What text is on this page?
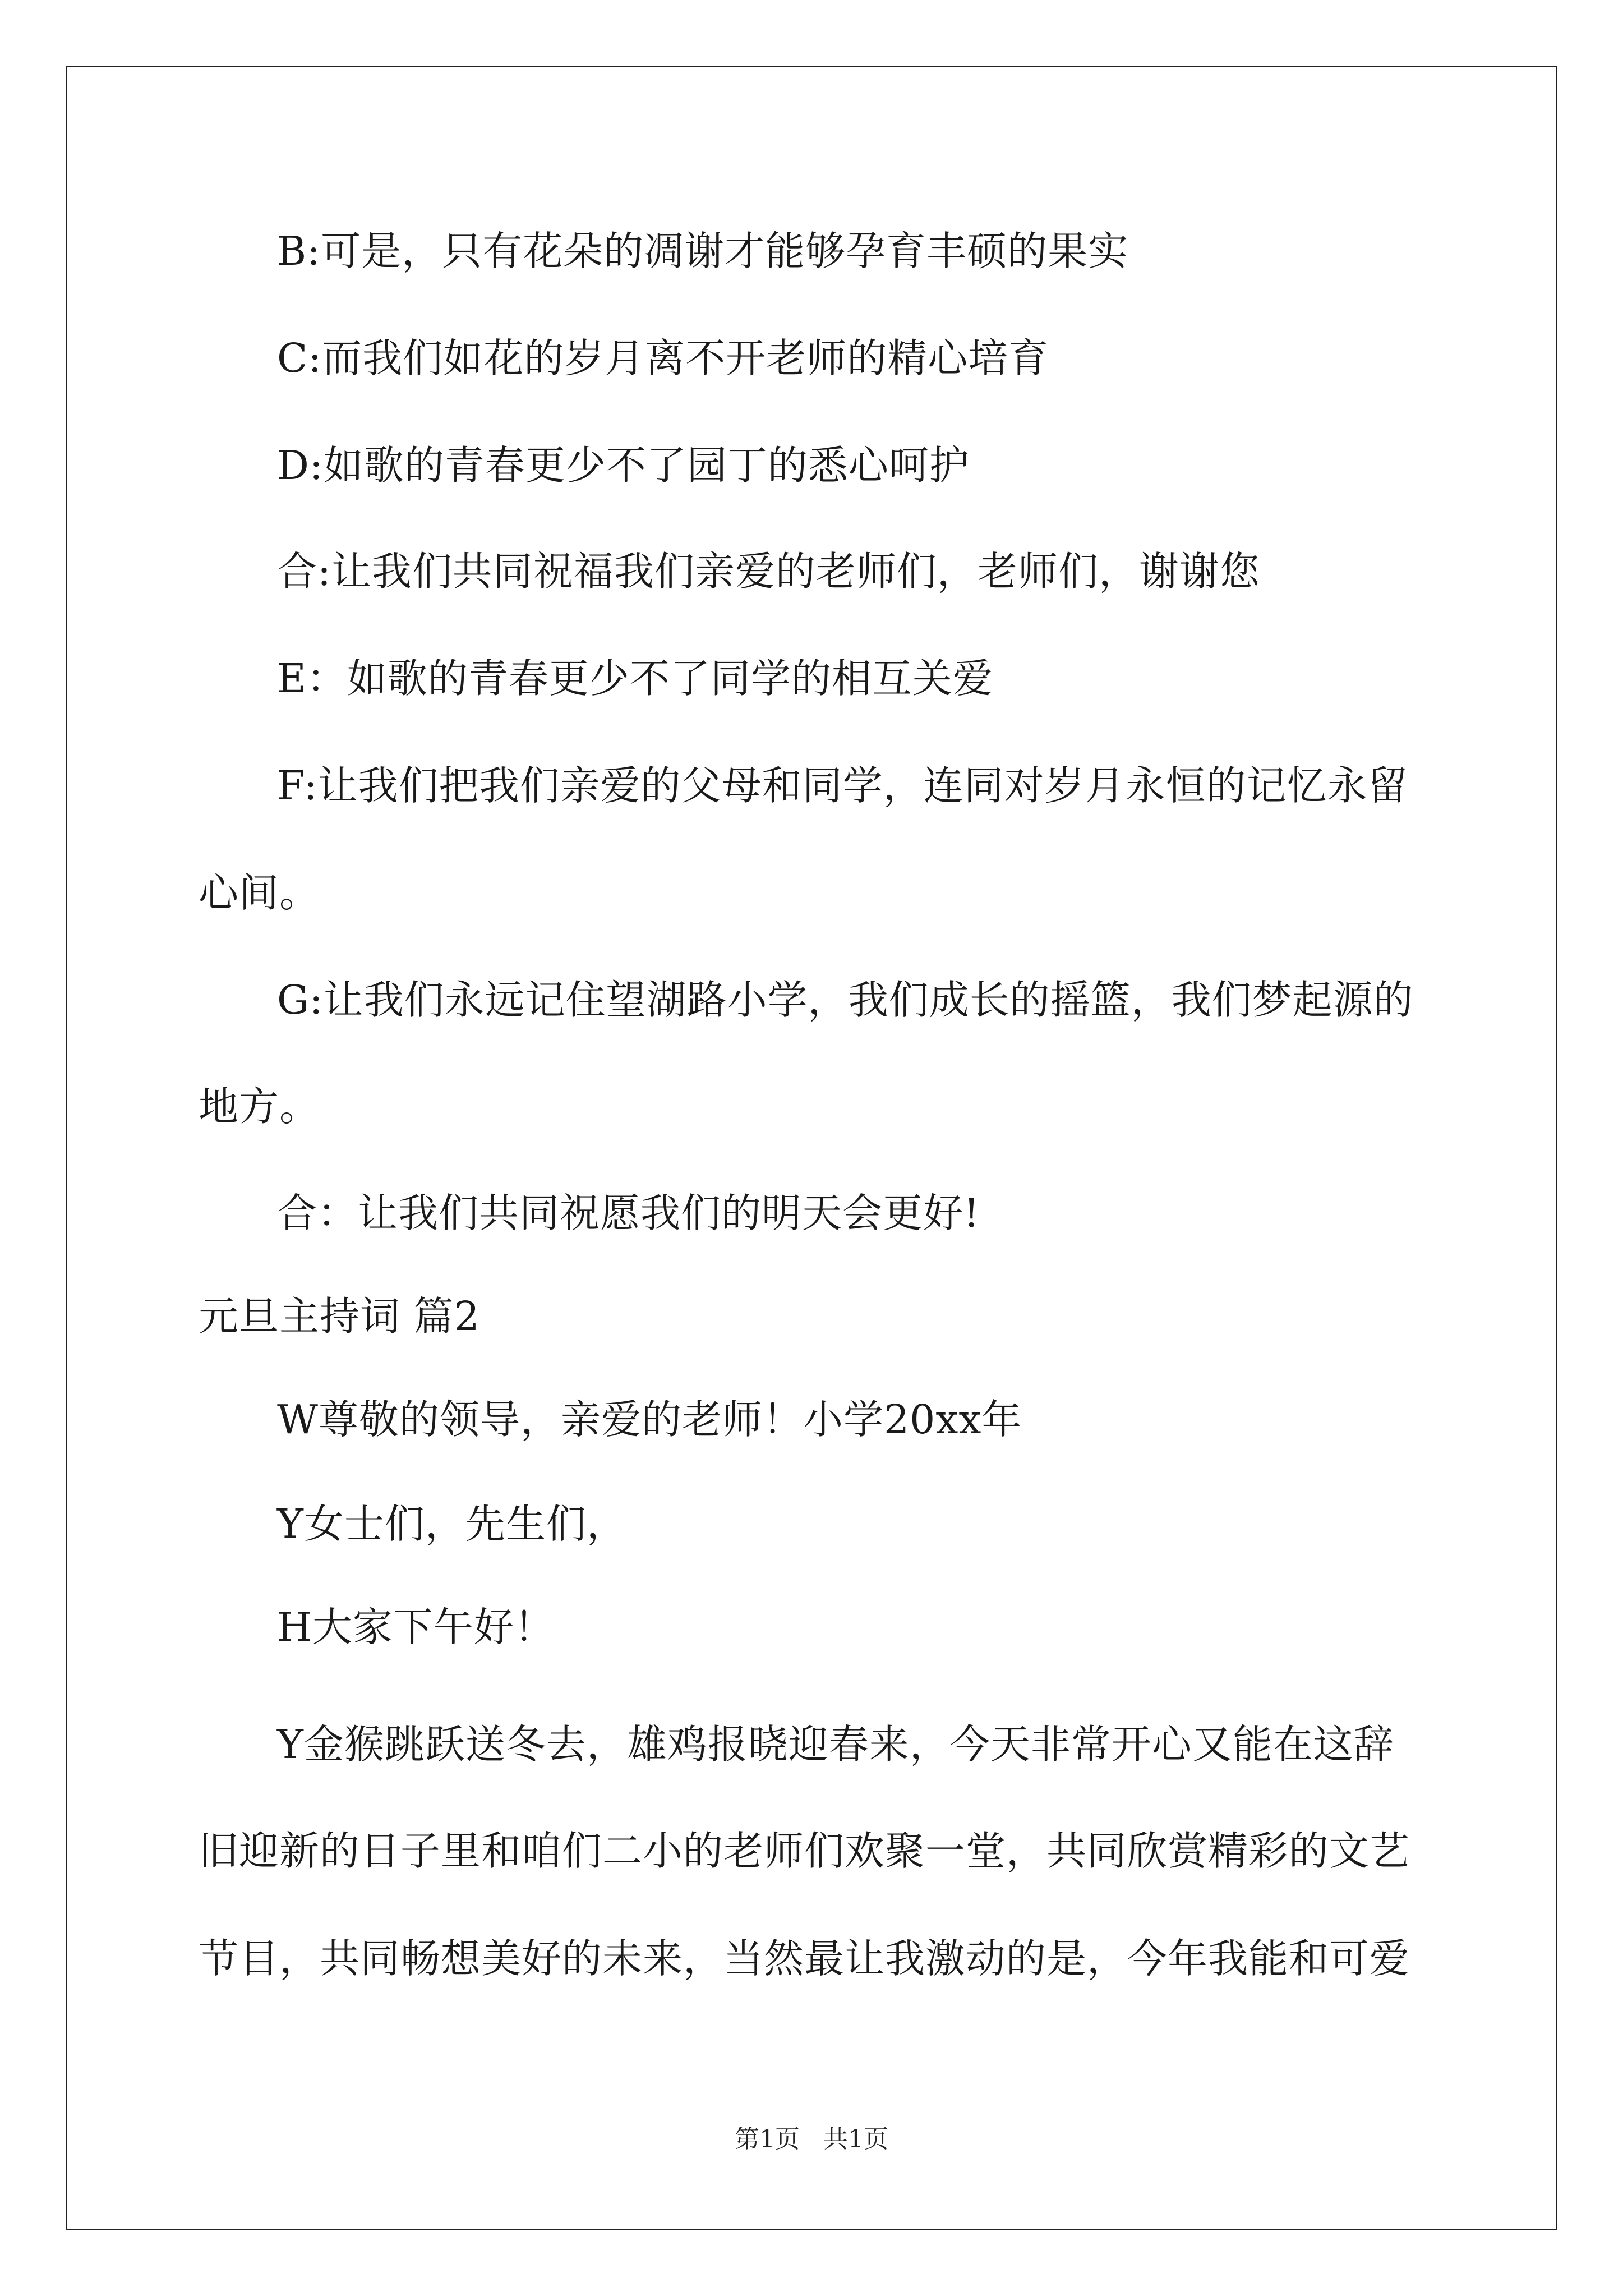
B:可是，只有花朵的凋谢才能够孕育丰硕的果实
C:而我们如花的岁月离不开老师的精心培育
D:如歌的青春更少不了园丁的悉心呵护
合:让我们共同祝福我们亲爱的老师们，老师们，谢谢您
E：如歌的青春更少不了同学的相互关爱
F:让我们把我们亲爱的父母和同学，连同对岁月永恒的记忆永留
心间。
G:让我们永远记住望湖路小学，我们成长的摇篮，我们梦起源的
地方。
合：让我们共同祝愿我们的明天会更好!
元旦主持词 篇2
W尊敬的领导，亲爱的老师！小学20xx年
Y女士们，先生们，
H大家下午好！
Y金猴跳跃送冬去，雄鸡报晓迎春来，今天非常开心又能在这辞
旧迎新的日子里和咱们二小的老师们欢聚一堂，共同欣赏精彩的文艺
节目，共同畅想美好的未来，当然最让我激动的是，今年我能和可爱
第1页 共1页
